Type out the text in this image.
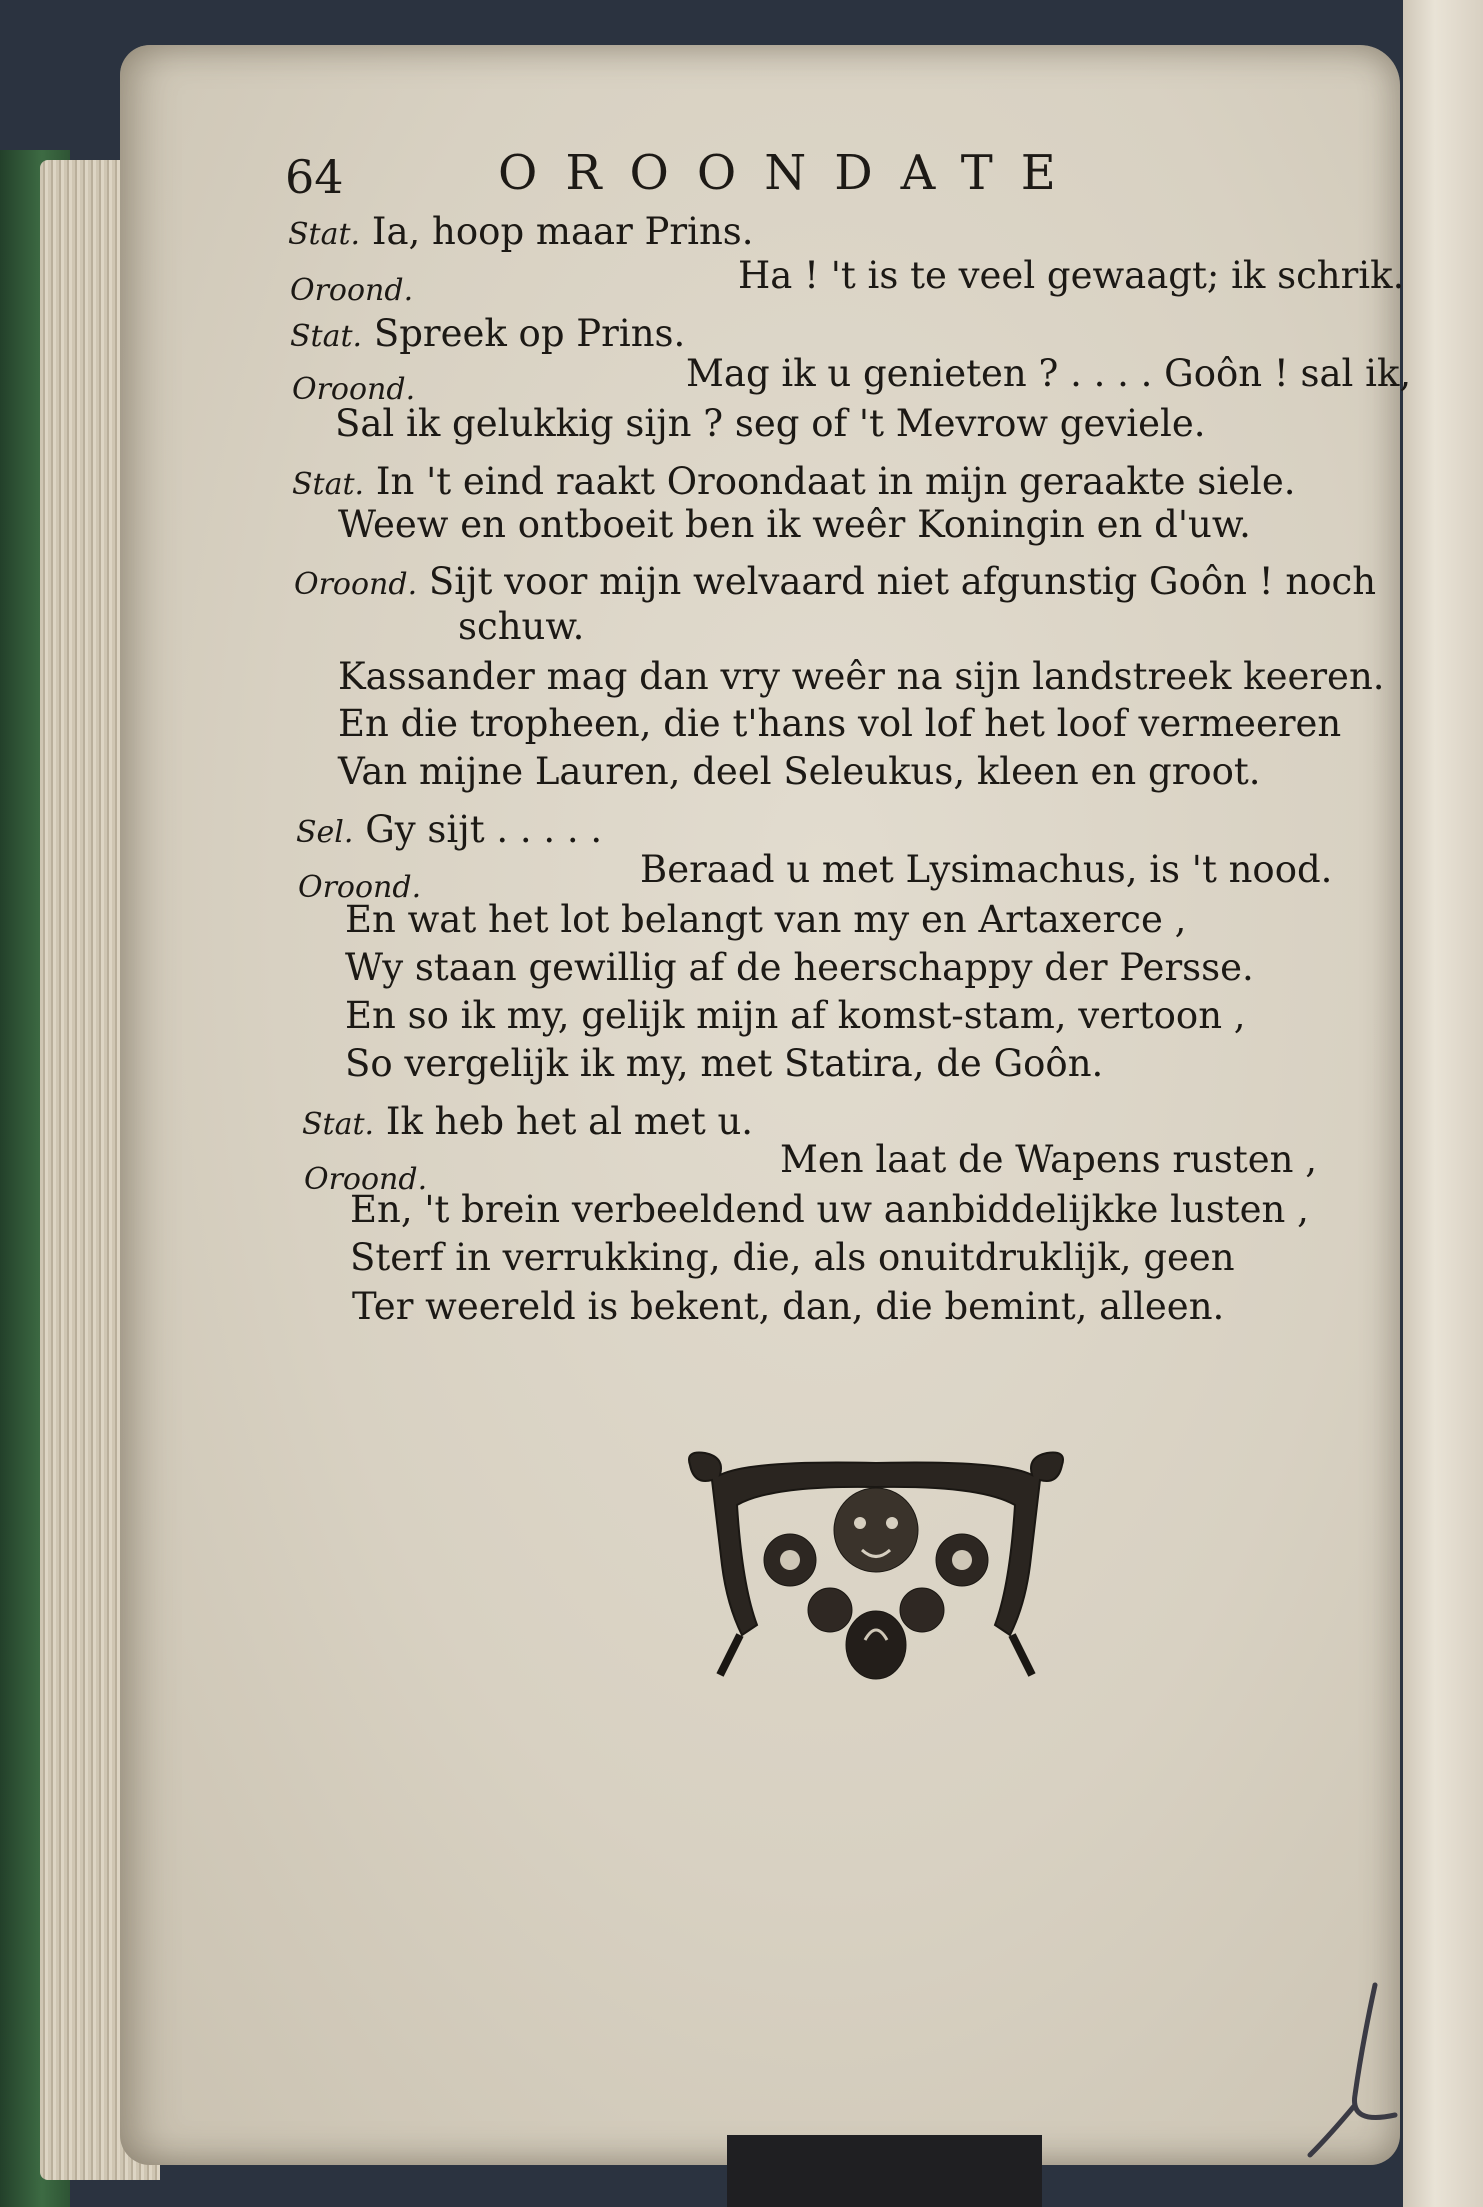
64	OROONDATE
Stat. Ia, hoop maar Prins.
Oroond.	Ha ! 't is te veel gewaagt; ik schrik.
Stat. Spreek op Prins.
Oroond.	Mag ik u genieten ? . . . . Goôn ! sal ik,
Sal ik gelukkig sijn ? seg of 't Mevrow geviele.
Stat. In 't eind raakt Oroondaat in mijn geraakte siele.
Weew en ontboeit ben ik weêr Koningin en d'uw.
Oroond. Sijt voor mijn welvaard niet afgunstig Goôn ! noch
schuw.
Kassander mag dan vry weêr na sijn landstreek keeren.
En die tropheen, die t'hans vol lof het loof vermeeren
Van mijne Lauren, deel Seleukus, kleen en groot.
Sel. Gy sijt . . . . .
Oroond.	Beraad u met Lysimachus, is 't nood.
En wat het lot belangt van my en Artaxerce ,
Wy staan gewillig af de heerschappy der Persse.
En so ik my, gelijk mijn af komst-stam, vertoon ,
So vergelijk ik my, met Statira, de Goôn.
Stat. Ik heb het al met u.
Oroond.	Men laat de Wapens rusten ,
En, 't brein verbeeldend uw aanbiddelijkke lusten ,
Sterf in verrukking, die, als onuitdruklijk, geen
Ter weereld is bekent, dan, die bemint, alleen.
